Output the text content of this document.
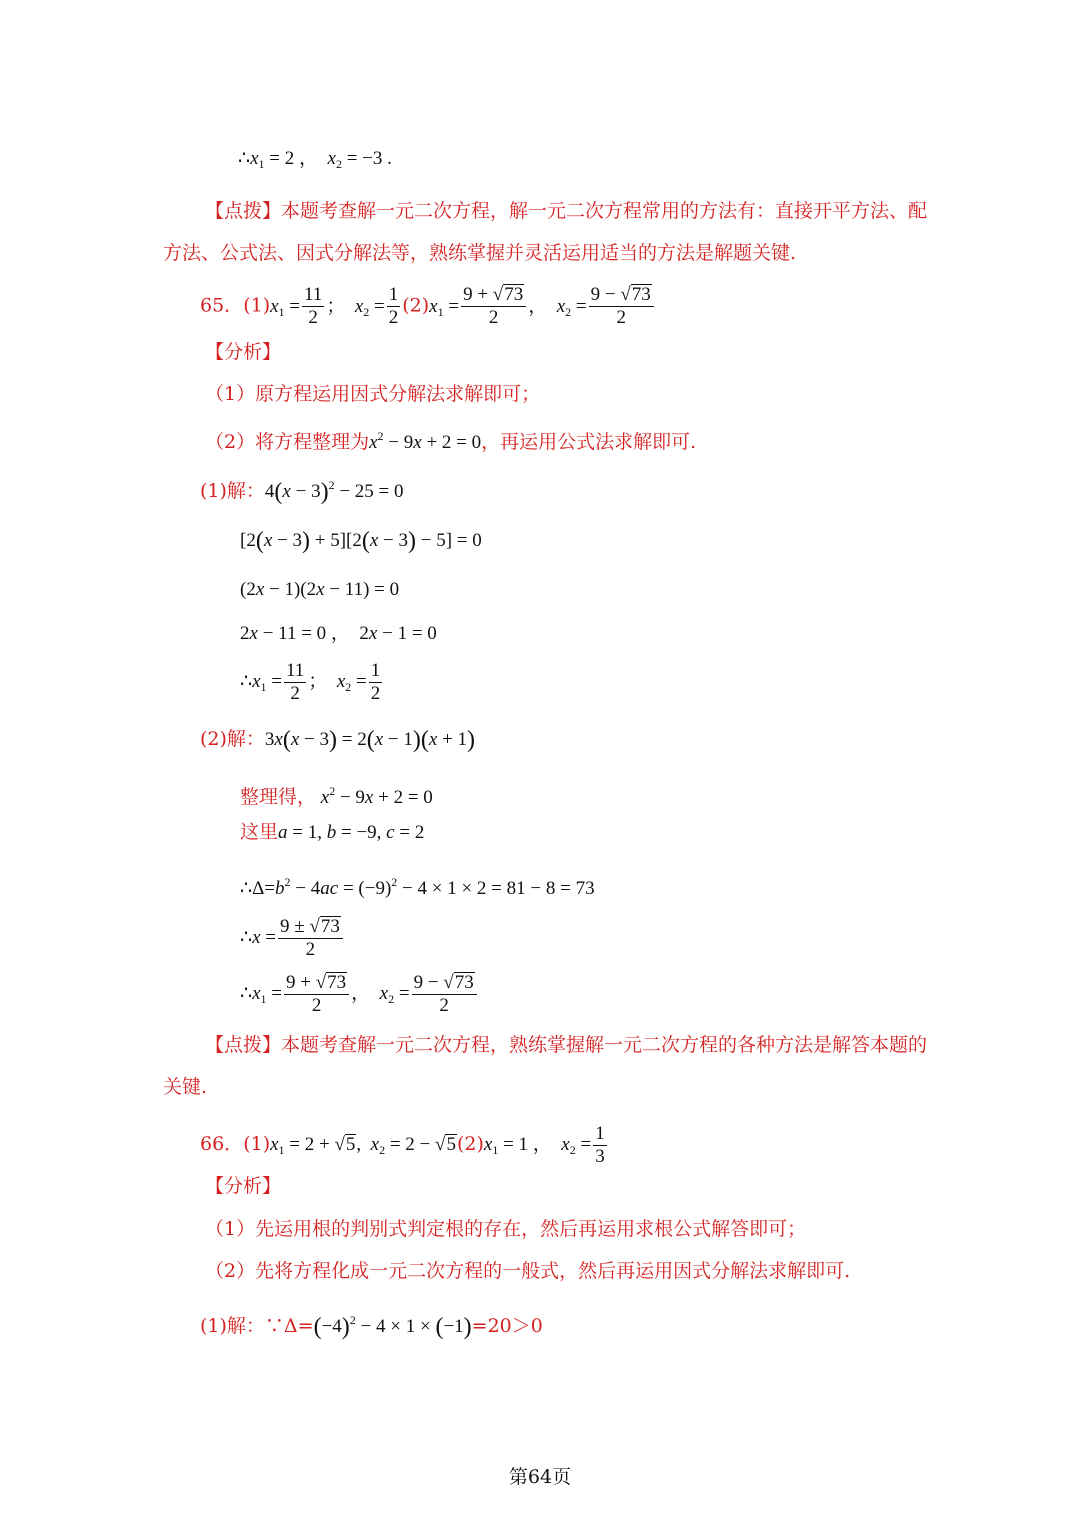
$\therefore x_1 = 2$ ，  $x_2 = -3$ .
【点拨】本题考查解一元二次方程，解一元二次方程常用的方法有：直接开平方法、配
方法、公式法、因式分解法等，熟练掌握并灵活运用适当的方法是解题关键.
65．$(1)x_1 = \frac{11}{2}$ ；  $x_2 = \frac{1}{2} (2)x_1 = \frac{9 + √73}{2}$ ，  $x_2 = \frac{9 - √73}{2}$
【分析】
（1）原方程运用因式分解法求解即可；
（2）将方程整理为$x^2 - 9x + 2 = 0$，再运用公式法求解即可.
(1)解：$4(x - 3)^2 - 25 = 0$
[2(x − 3) + 5][2(x − 3) − 5] = 0
(2x − 1)(2x − 11) = 0
2x − 11 = 0 ，  2x − 1 = 0
$\therefore x_1 = \frac{11}{2}$ ；  $x_2 = \frac{1}{2}$
(2)解：3x(x − 3) = 2(x − 1)(x + 1)
整理得， $x^2 - 9x + 2 = 0$
这里a = 1, b = −9, c = 2
$\therefore\Delta=b^2 - 4ac = (-9)^2 - 4 \times 1 \times 2 = 81 - 8 = 73$
∴x = $\frac{9 \pm √73}{2}$
$\therefore x_1 = \frac{9 + √73}{2}$ ，  $x_2 = \frac{9 - √73}{2}$
【点拨】本题考查解一元二次方程，熟练掌握解一元二次方程的各种方法是解答本题的
关键.
66．$(1)x_1 = 2 + √5$,  $x_2 = 2 - √5(2)x_1 = 1$ ，  $x_2 = \frac{1}{3}$
【分析】
（1）先运用根的判别式判定根的存在，然后再运用求根公式解答即可；
（2）先将方程化成一元二次方程的一般式，然后再运用因式分解法求解即可.
(1)解：$\because\Delta=(-4)^2 - 4 \times 1 \times (-1)=20>0$
第64页
